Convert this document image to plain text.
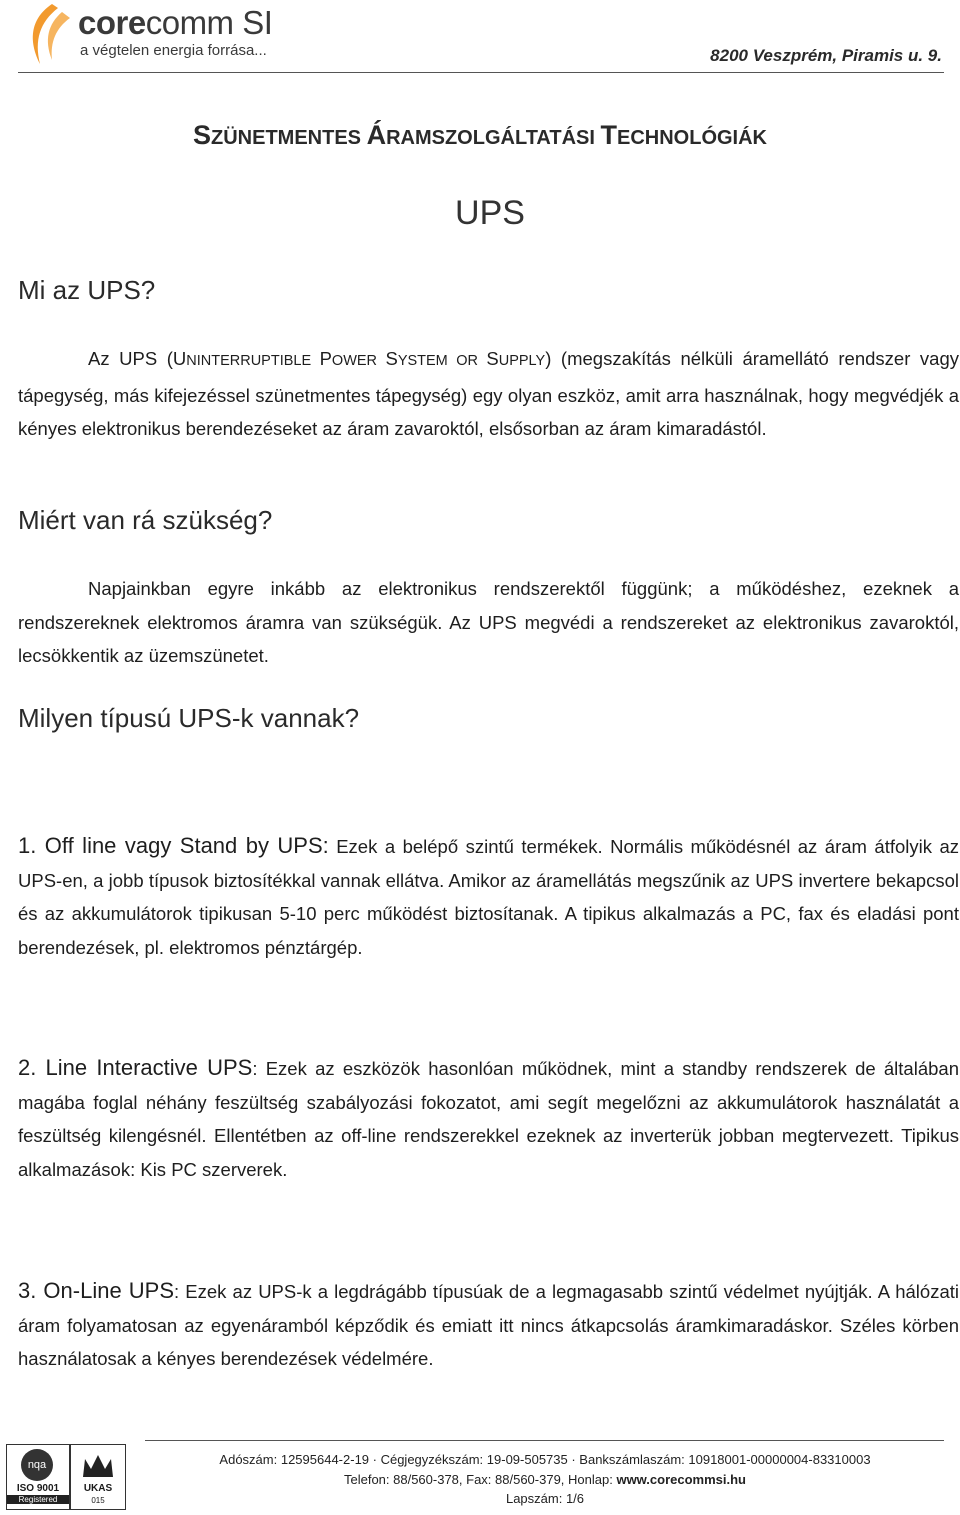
corecomm SI
a végtelen energia forrása...	8200 Veszprém, Piramis u. 9.
SZÜNETMENTES ÁRAMSZOLGÁLTATÁSI TECHNOLÓGIÁK
UPS
Mi az UPS?
Az UPS (UNINTERRUPTIBLE POWER SYSTEM OR SUPPLY) (megszakítás nélküli áramellátó rendszer vagy tápegység, más kifejezéssel szünetmentes tápegység) egy olyan eszköz, amit arra használnak, hogy megvédjék a kényes elektronikus berendezéseket az áram zavaroktól, elsősorban az áram kimaradástól.
Miért van rá szükség?
Napjainkban egyre inkább az elektronikus rendszerektől függünk; a működéshez, ezeknek a rendszereknek elektromos áramra van szükségük. Az UPS megvédi a rendszereket az elektronikus zavaroktól, lecsökkentik az üzemszünetet.
Milyen típusú UPS-k vannak?
1. Off line vagy Stand by UPS: Ezek a belépő szintű termékek. Normális működésnél az áram átfolyik az UPS-en, a jobb típusok biztosítékkal vannak ellátva. Amikor az áramellátás megszűnik az UPS invertere bekapcsol és az akkumulátorok tipikusan 5-10 perc működést biztosítanak. A tipikus alkalmazás a PC, fax és eladási pont berendezések, pl. elektromos pénztárgép.
2. Line Interactive UPS: Ezek az eszközök hasonlóan működnek, mint a standby rendszerek de általában magába foglal néhány feszültség szabályozási fokozatot, ami segít megelőzni az akkumulátorok használatát a feszültség kilengésnél. Ellentétben az off-line rendszerekkel ezeknek az inverterük jobban megtervezett. Tipikus alkalmazások: Kis PC szerverek.
3. On-Line UPS: Ezek az UPS-k a legdrágább típusúak de a legmagasabb szintű védelmet nyújtják. A hálózati áram folyamatosan az egyenáramból képződik és emiatt itt nincs átkapcsolás áramkimaradáskor. Széles körben használatosak a kényes berendezések védelmére.
nqa
ISO 9001
Registered
UKAS
015
Adószám: 12595644-2-19 · Cégjegyzékszám: 19-09-505735 · Bankszámlaszám: 10918001-00000004-83310003
Telefon: 88/560-378, Fax: 88/560-379, Honlap: www.corecommsi.hu
Lapszám: 1/6
